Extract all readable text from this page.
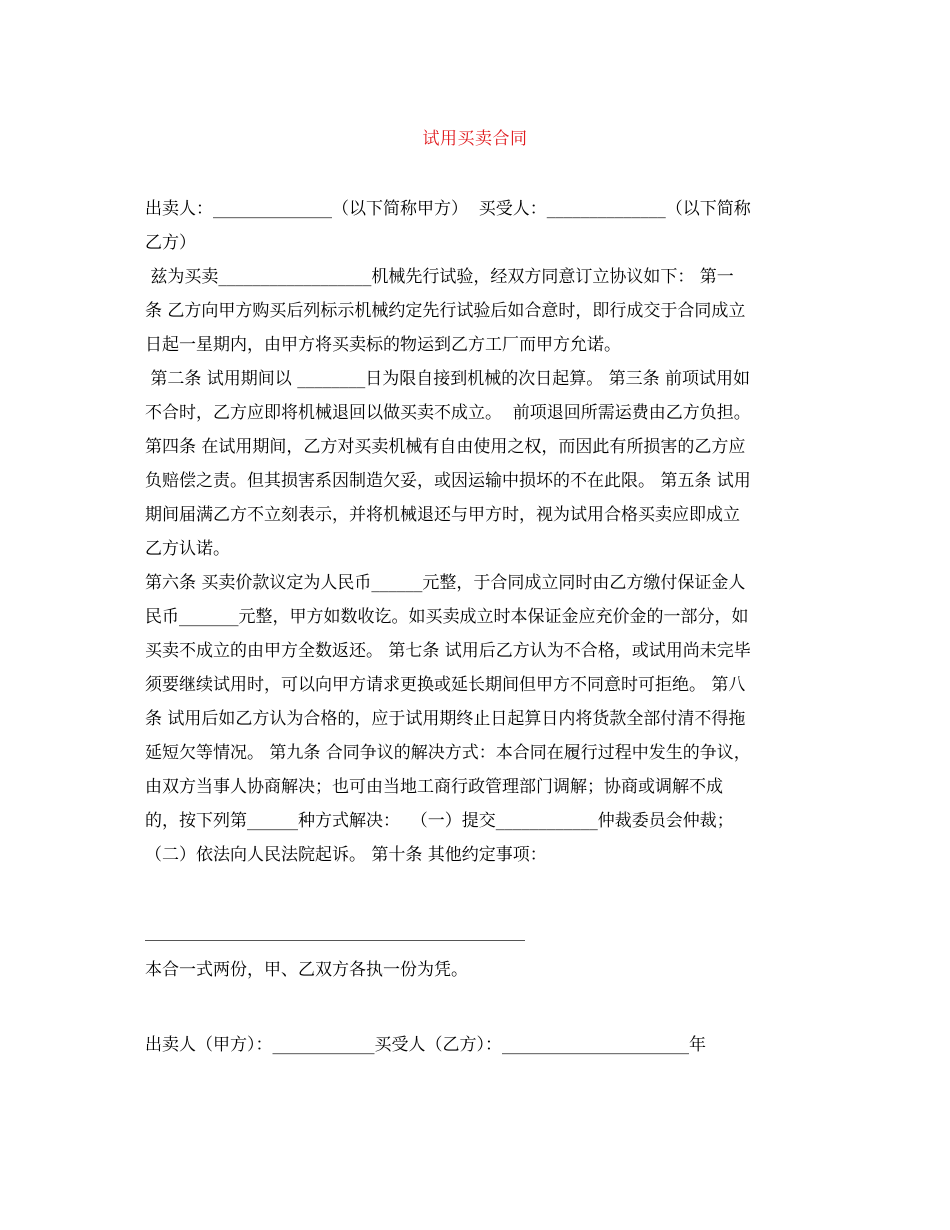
试用买卖合同
出卖人：______________（以下简称甲方）  买受人：______________（以下简称
乙方）
兹为买卖__________________机械先行试验，经双方同意订立协议如下： 第一
条 乙方向甲方购买后列标示机械约定先行试验后如合意时，即行成交于合同成立
日起一星期内，由甲方将买卖标的物运到乙方工厂而甲方允诺。
第二条 试用期间以 ________日为限自接到机械的次日起算。 第三条 前项试用如
不合时，乙方应即将机械退回以做买卖不成立。  前项退回所需运费由乙方负担。
第四条 在试用期间，乙方对买卖机械有自由使用之权，而因此有所损害的乙方应
负赔偿之责。但其损害系因制造欠妥，或因运输中损坏的不在此限。 第五条 试用
期间届满乙方不立刻表示，并将机械退还与甲方时，视为试用合格买卖应即成立
乙方认诺。
第六条 买卖价款议定为人民币______元整，于合同成立同时由乙方缴付保证金人
民币_______元整，甲方如数收讫。如买卖成立时本保证金应充价金的一部分，如
买卖不成立的由甲方全数返还。 第七条 试用后乙方认为不合格，或试用尚未完毕
须要继续试用时，可以向甲方请求更换或延长期间但甲方不同意时可拒绝。 第八
条 试用后如乙方认为合格的，应于试用期终止日起算日内将货款全部付清不得拖
延短欠等情况。 第九条 合同争议的解决方式：本合同在履行过程中发生的争议，
由双方当事人协商解决；也可由当地工商行政管理部门调解；协商或调解不成
的，按下列第______种方式解决：  （一）提交____________仲裁委员会仲裁；
（二）依法向人民法院起诉。 第十条 其他约定事项：
本合一式两份，甲、乙双方各执一份为凭。
出卖人（甲方）：____________买受人（乙方）：______________________年
